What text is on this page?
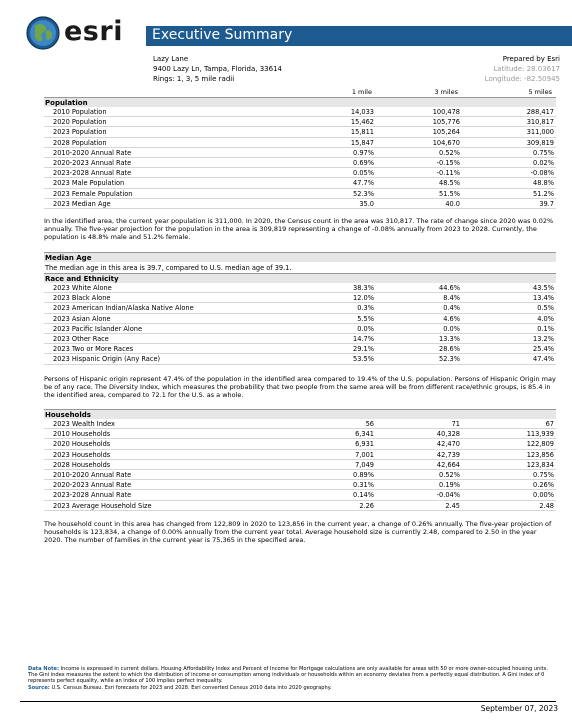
esri Executive Summary
Lazy Lane
9400 Lazy Ln, Tampa, Florida, 33614
Rings: 1, 3, 5 mile radii
Prepared by Esri
Latitude: 28.03617
Longitude: -82.50945
1 mile	3 miles	5 miles
Population
2010 Population	14,033	100,478	288,417
2020 Population	15,462	105,776	310,817
2023 Population	15,811	105,264	311,000
2028 Population	15,847	104,670	309,819
2010-2020 Annual Rate	0.97%	0.52%	0.75%
2020-2023 Annual Rate	0.69%	-0.15%	0.02%
2023-2028 Annual Rate	0.05%	-0.11%	-0.08%
2023 Male Population	47.7%	48.5%	48.8%
2023 Female Population	52.3%	51.5%	51.2%
2023 Median Age	35.0	40.0	39.7
In the identified area, the current year population is 311,000. In 2020, the Census count in the area was 310,817. The rate of change since 2020 was 0.02% annually. The five-year projection for the population in the area is 309,819 representing a change of -0.08% annually from 2023 to 2028. Currently, the population is 48.8% male and 51.2% female.
Median Age
The median age in this area is 39.7, compared to U.S. median age of 39.1.
Race and Ethnicity
2023 White Alone	38.3%	44.6%	43.5%
2023 Black Alone	12.0%	8.4%	13.4%
2023 American Indian/Alaska Native Alone	0.3%	0.4%	0.5%
2023 Asian Alone	5.5%	4.6%	4.0%
2023 Pacific Islander Alone	0.0%	0.0%	0.1%
2023 Other Race	14.7%	13.3%	13.2%
2023 Two or More Races	29.1%	28.6%	25.4%
2023 Hispanic Origin (Any Race)	53.5%	52.3%	47.4%
Persons of Hispanic origin represent 47.4% of the population in the identified area compared to 19.4% of the U.S. population. Persons of Hispanic Origin may be of any race. The Diversity Index, which measures the probability that two people from the same area will be from different race/ethnic groups, is 85.4 in the identified area, compared to 72.1 for the U.S. as a whole.
Households
2023 Wealth Index	56	71	67
2010 Households	6,341	40,328	113,939
2020 Households	6,931	42,470	122,809
2023 Households	7,001	42,739	123,856
2028 Households	7,049	42,664	123,834
2010-2020 Annual Rate	0.89%	0.52%	0.75%
2020-2023 Annual Rate	0.31%	0.19%	0.26%
2023-2028 Annual Rate	0.14%	-0.04%	0.00%
2023 Average Household Size	2.26	2.45	2.48
The household count in this area has changed from 122,809 in 2020 to 123,856 in the current year, a change of 0.26% annually. The five-year projection of households is 123,834, a change of 0.00% annually from the current year total. Average household size is currently 2.48, compared to 2.50 in the year 2020. The number of families in the current year is 75,365 in the specified area.
Data Note: Income is expressed in current dollars. Housing Affordability Index and Percent of Income for Mortgage calculations are only available for areas with 50 or more owner-occupied housing units. The Gini index measures the extent to which the distribution of income or consumption among individuals or households within an economy deviates from a perfectly equal distribution. A Gini index of 0 represents perfect equality, while an index of 100 implies perfect inequality.
Source: U.S. Census Bureau. Esri forecasts for 2023 and 2028. Esri converted Census 2010 data into 2020 geography.
September 07, 2023
